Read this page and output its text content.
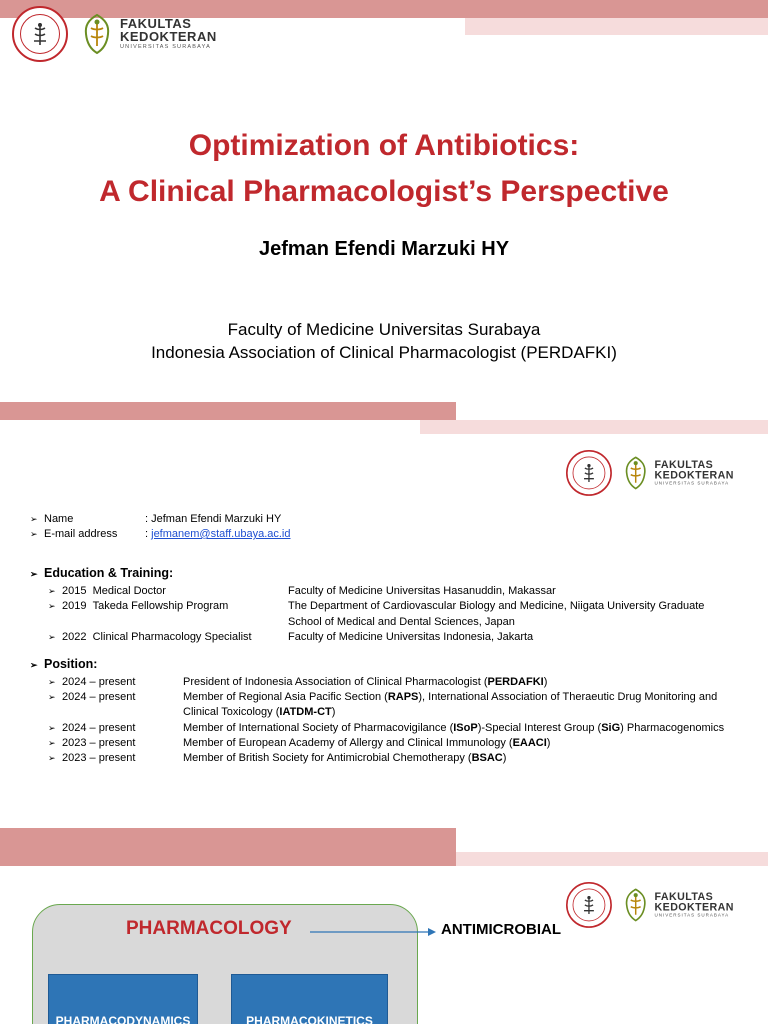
FAKULTAS
KEDOKTERAN
UNIVERSITAS SURABAYA
Optimization of Antibiotics:
A Clinical Pharmacologist’s Perspective
Jefman Efendi Marzuki HY
Faculty of Medicine Universitas Surabaya
Indonesia Association of Clinical Pharmacologist (PERDAFKI)
FAKULTAS
KEDOKTERAN
UNIVERSITAS SURABAYA
➢ Name	: Jefman Efendi Marzuki HY
➢ E-mail address	: jefmanem@staff.ubaya.ac.id
➢ Education & Training:
➢ 2015 Medical Doctor	Faculty of Medicine Universitas Hasanuddin, Makassar
➢ 2019 Takeda Fellowship Program	The Department of Cardiovascular Biology and Medicine, Niigata University Graduate
School of Medical and Dental Sciences, Japan
➢ 2022 Clinical Pharmacology Specialist	Faculty of Medicine Universitas Indonesia, Jakarta
➢ Position:
➢ 2024 – present	President of Indonesia Association of Clinical Pharmacologist (PERDAFKI)
➢ 2024 – present	Member of Regional Asia Pacific Section (RAPS), International Association of Theraeutic Drug Monitoring and
Clinical Toxicology (IATDM-CT)
➢ 2024 – present	Member of International Society of Pharmacovigilance (ISoP)-Special Interest Group (SiG) Pharmacogenomics
➢ 2023 – present	Member of European Academy of Allergy and Clinical Immunology (EAACI)
➢ 2023 – present	Member of British Society for Antimicrobial Chemotherapy (BSAC)
FAKULTAS
KEDOKTERAN
UNIVERSITAS SURABAYA
PHARMACOLOGY	ANTIMICROBIAL
PHARMACODYNAMICS	PHARMACOKINETICS
